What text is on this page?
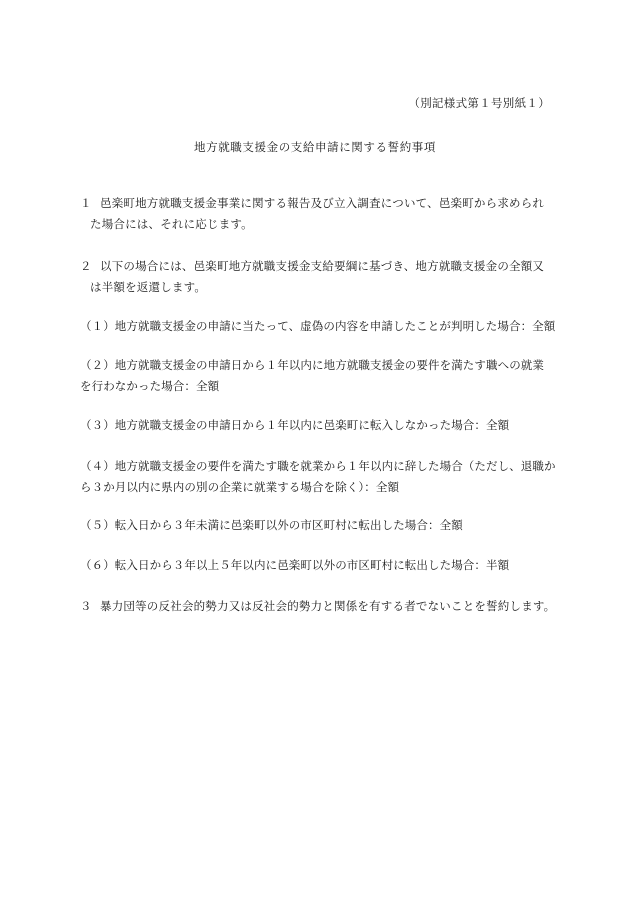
（別記様式第１号別紙１）
地方就職支援金の支給申請に関する誓約事項
１ 邑楽町地方就職支援金事業に関する報告及び立入調査について、邑楽町から求められ
た場合には、それに応じます。
２ 以下の場合には、邑楽町地方就職支援金支給要綱に基づき、地方就職支援金の全額又
は半額を返還します。
（１）地方就職支援金の申請に当たって、虚偽の内容を申請したことが判明した場合：全額
（２）地方就職支援金の申請日から１年以内に地方就職支援金の要件を満たす職への就業
を行わなかった場合：全額
（３）地方就職支援金の申請日から１年以内に邑楽町に転入しなかった場合：全額
（４）地方就職支援金の要件を満たす職を就業から１年以内に辞した場合（ただし、退職か
ら３か月以内に県内の別の企業に就業する場合を除く）：全額
（５）転入日から３年未満に邑楽町以外の市区町村に転出した場合：全額
（６）転入日から３年以上５年以内に邑楽町以外の市区町村に転出した場合：半額
３ 暴力団等の反社会的勢力又は反社会的勢力と関係を有する者でないことを誓約します。
